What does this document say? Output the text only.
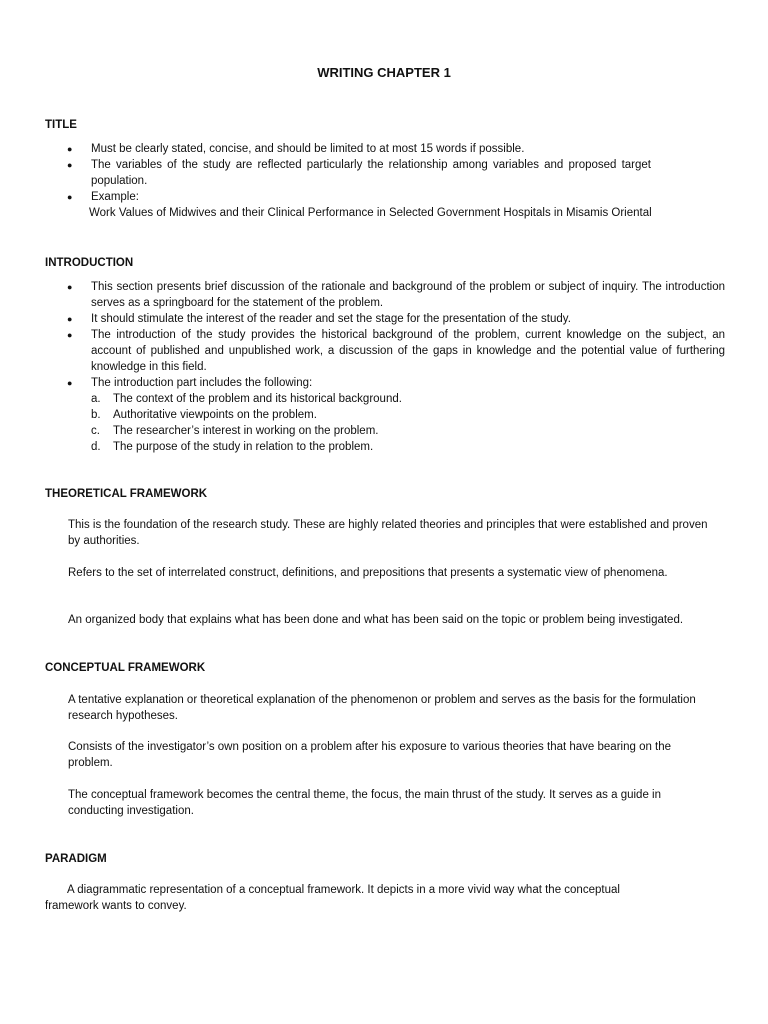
WRITING CHAPTER 1
TITLE
● Must be clearly stated, concise, and should be limited to at most 15 words if possible.
● The variables of the study are reflected particularly the relationship among variables and proposed target population.
● Example:
Work Values of Midwives and their Clinical Performance in Selected Government Hospitals in Misamis Oriental
INTRODUCTION
● This section presents brief discussion of the rationale and background of the problem or subject of inquiry. The introduction serves as a springboard for the statement of the problem.
● It should stimulate the interest of the reader and set the stage for the presentation of the study.
● The introduction of the study provides the historical background of the problem, current knowledge on the subject, an account of published and unpublished work, a discussion of the gaps in knowledge and the potential value of furthering knowledge in this field.
● The introduction part includes the following:
a. The context of the problem and its historical background.
b. Authoritative viewpoints on the problem.
c. The researcher’s interest in working on the problem.
d. The purpose of the study in relation to the problem.
THEORETICAL FRAMEWORK

This is the foundation of the research study. These are highly related theories and principles that were established and proven by authorities.

Refers to the set of interrelated construct, definitions, and prepositions that presents a systematic view of phenomena.

An organized body that explains what has been done and what has been said on the topic or problem being investigated.

CONCEPTUAL FRAMEWORK

A tentative explanation or theoretical explanation of the phenomenon or problem and serves as the basis for the formulation research hypotheses.

Consists of the investigator’s own position on a problem after his exposure to various theories that have bearing on the problem.

The conceptual framework becomes the central theme, the focus, the main thrust of the study. It serves as a guide in conducting investigation.

PARADIGM

A diagrammatic representation of a conceptual framework. It depicts in a more vivid way what the conceptual framework wants to convey.
